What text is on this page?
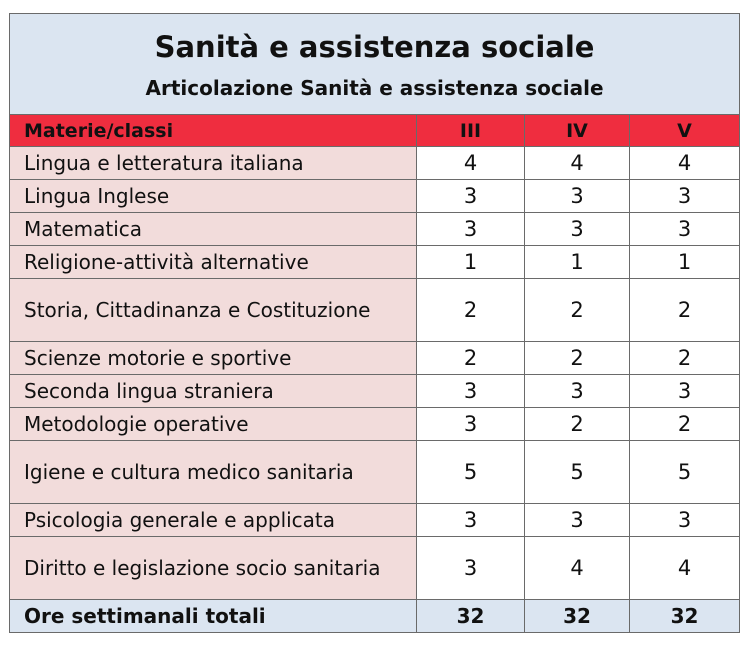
Sanità e assistenza sociale
Articolazione Sanità e assistenza sociale			

Materie/classi	III	IV	V
Lingua e letteratura italiana	4	4	4
Lingua Inglese	3	3	3
Matematica	3	3	3
Religione-attività alternative	1	1	1
Storia, Cittadinanza e Costituzione	2	2	2
Scienze motorie e sportive	2	2	2
Seconda lingua straniera	3	3	3
Metodologie operative	3	2	2
Igiene e cultura medico sanitaria	5	5	5
Psicologia generale e applicata	3	3	3
Diritto e legislazione socio sanitaria	3	4	4
Ore settimanali totali	32	32	32
